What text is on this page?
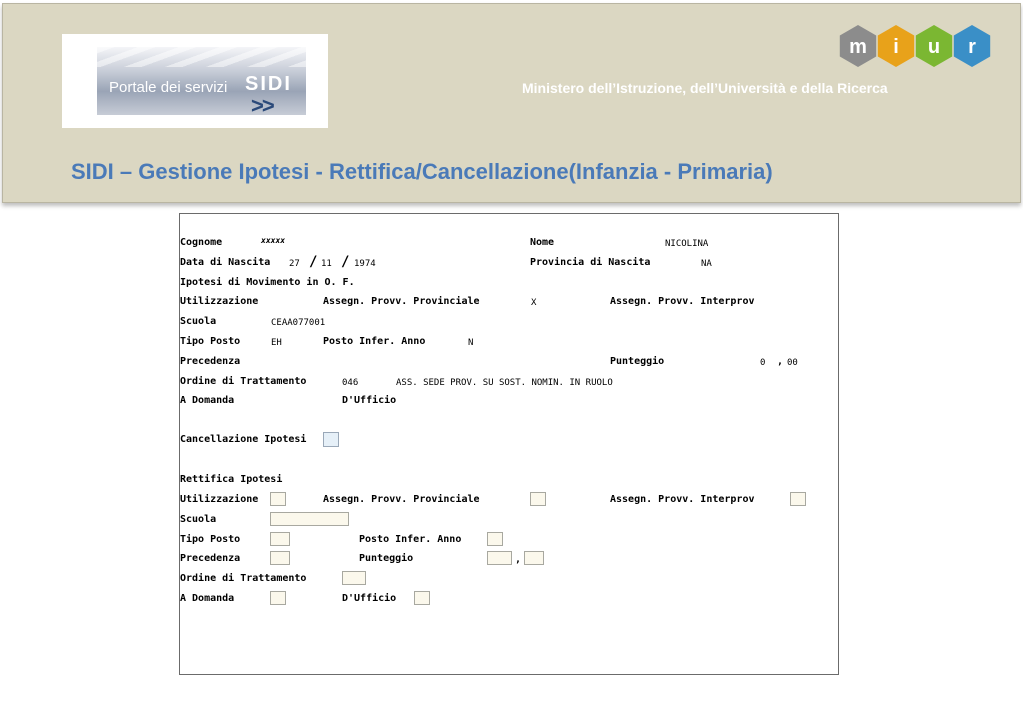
Portale dei servizi SIDI
>>
m i u r
Ministero dell’Istruzione, dell’Università e della Ricerca
SIDI – Gestione Ipotesi - Rettifica/Cancellazione(Infanzia - Primaria)
Cognome	xxxxx	Nome	NICOLINA
Data di Nascita 27 / 11 / 1974	Provincia di Nascita	NA
Ipotesi di Movimento in O. F.
Utilizzazione	Assegn. Provv. Provinciale	X	Assegn. Provv. Interprov
Scuola	CEAA077001
Tipo Posto	EH	Posto Infer. Anno	N
Precedenza	Punteggio	0 , 00
Ordine di Trattamento	046	ASS. SEDE PROV. SU SOST. NOMIN. IN RUOLO
A Domanda	D'Ufficio
Cancellazione Ipotesi
Rettifica Ipotesi
Utilizzazione	Assegn. Provv. Provinciale	Assegn. Provv. Interprov
Scuola
Tipo Posto	Posto Infer. Anno
Precedenza	Punteggio	,
Ordine di Trattamento
A Domanda	D'Ufficio
